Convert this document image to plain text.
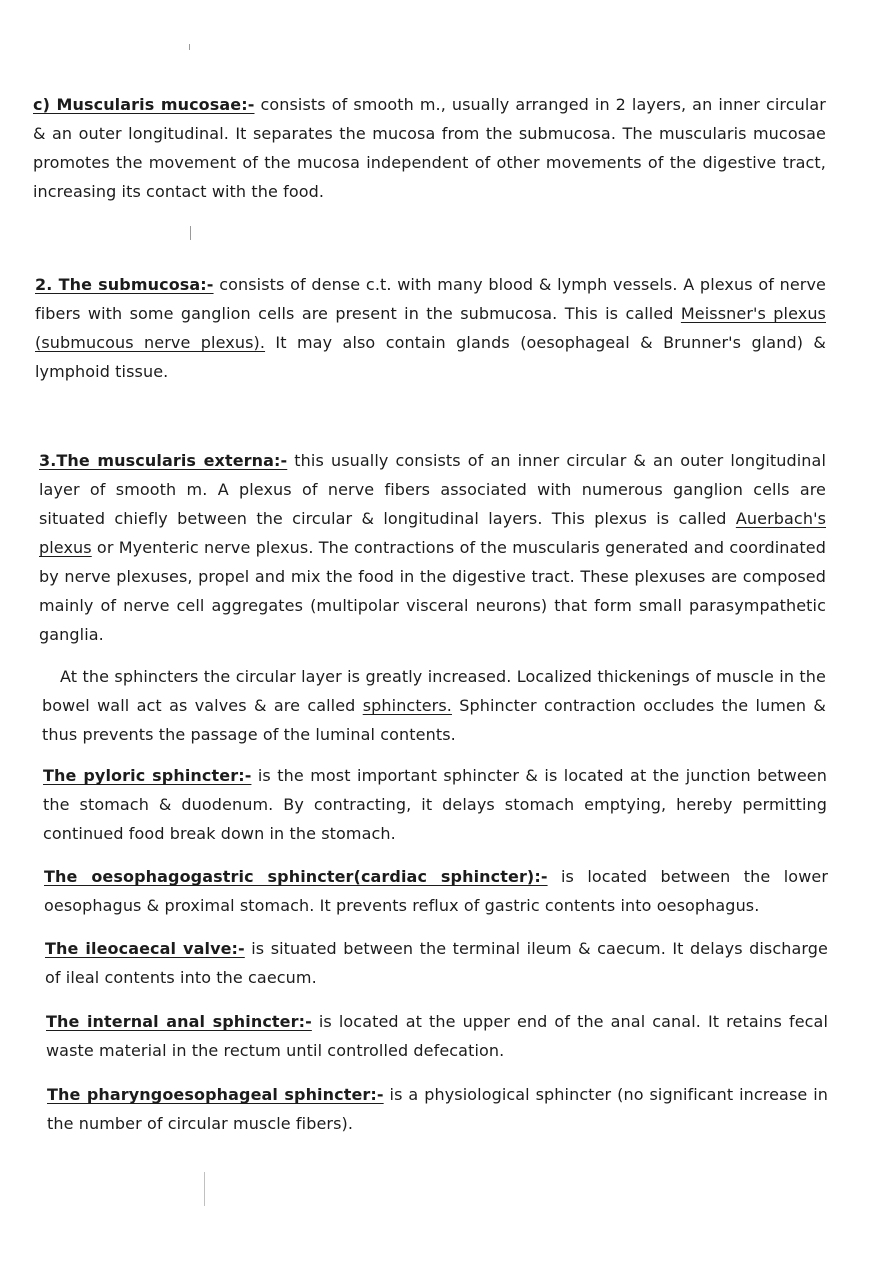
c) Muscularis mucosae:- consists of smooth m., usually arranged in 2 layers, an inner circular & an outer longitudinal. It separates the mucosa from the submucosa. The muscularis mucosae promotes the movement of the mucosa independent of other movements of the digestive tract, increasing its contact with the food.

2. The submucosa:- consists of dense c.t. with many blood & lymph vessels. A plexus of nerve fibers with some ganglion cells are present in the submucosa. This is called Meissner's plexus (submucous nerve plexus). It may also contain glands (oesophageal & Brunner's gland) & lymphoid tissue.

3.The muscularis externa:- this usually consists of an inner circular & an outer longitudinal layer of smooth m. A plexus of nerve fibers associated with numerous ganglion cells are situated chiefly between the circular & longitudinal layers. This plexus is called Auerbach's plexus or Myenteric nerve plexus. The contractions of the muscularis generated and coordinated by nerve plexuses, propel and mix the food in the digestive tract. These plexuses are composed mainly of nerve cell aggregates (multipolar visceral neurons) that form small parasympathetic ganglia.

At the sphincters the circular layer is greatly increased. Localized thickenings of muscle in the bowel wall act as valves & are called sphincters. Sphincter contraction occludes the lumen & thus prevents the passage of the luminal contents.

The pyloric sphincter:- is the most important sphincter & is located at the junction between the stomach & duodenum. By contracting, it delays stomach emptying, hereby permitting continued food break down in the stomach.

The oesophagogastric sphincter(cardiac sphincter):- is located between the lower oesophagus & proximal stomach. It prevents reflux of gastric contents into oesophagus.

The ileocaecal valve:- is situated between the terminal ileum & caecum. It delays discharge of ileal contents into the caecum.

The internal anal sphincter:- is located at the upper end of the anal canal. It retains fecal waste material in the rectum until controlled defecation.

The pharyngoesophageal sphincter:- is a physiological sphincter (no significant increase in the number of circular muscle fibers).
